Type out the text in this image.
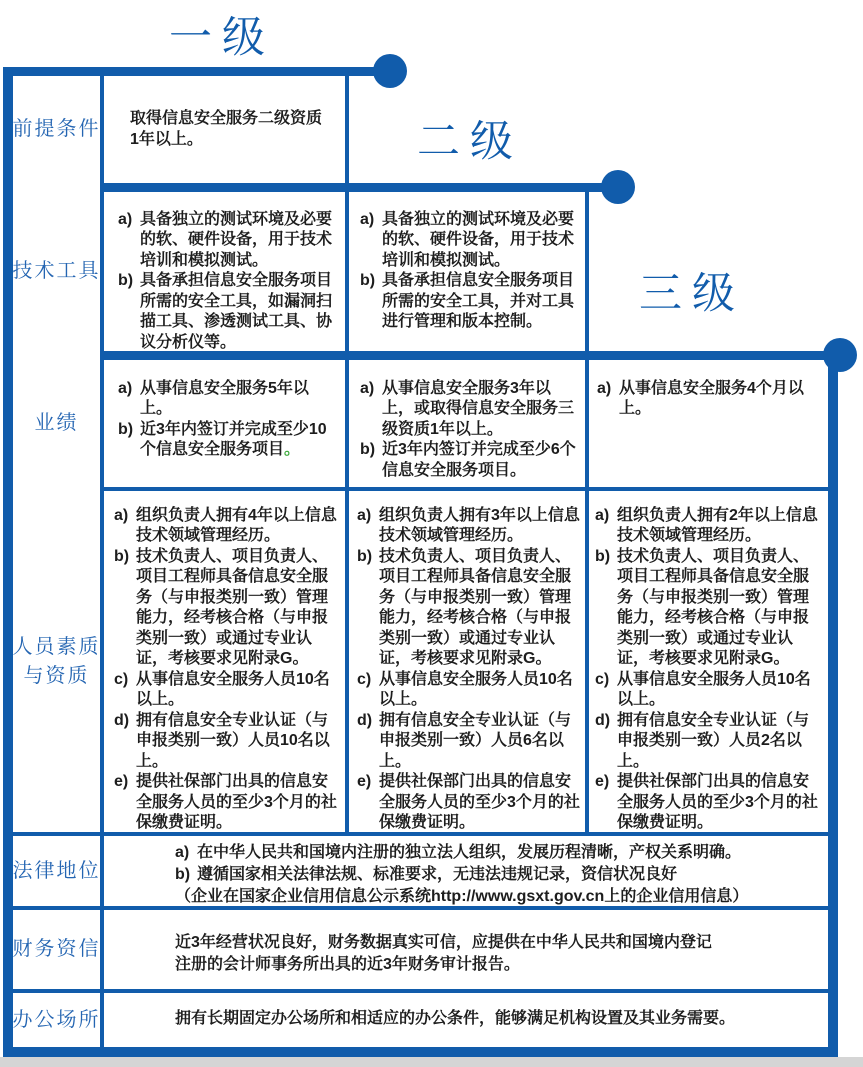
一级
二级
三级
前提条件
技术工具
业绩
人员素质
与资质
法律地位
财务资信
办公场所
取得信息安全服务二级资质1年以上。
a) 具备独立的测试环境及必要的软、硬件设备，用于技术培训和模拟测试。
b) 具备承担信息安全服务项目所需的安全工具，如漏洞扫描工具、渗透测试工具、协议分析仪等。
a) 具备独立的测试环境及必要的软、硬件设备，用于技术培训和模拟测试。
b) 具备承担信息安全服务项目所需的安全工具，并对工具进行管理和版本控制。
a) 从事信息安全服务5年以上。
b) 近3年内签订并完成至少10个信息安全服务项目。
a) 从事信息安全服务3年以上，或取得信息安全服务三级资质1年以上。
b) 近3年内签订并完成至少6个信息安全服务项目。
a) 从事信息安全服务4个月以上。
a) 组织负责人拥有4年以上信息技术领域管理经历。
b) 技术负责人、项目负责人、项目工程师具备信息安全服务（与申报类别一致）管理能力，经考核合格（与申报类别一致）或通过专业认证，考核要求见附录G。
c) 从事信息安全服务人员10名以上。
d) 拥有信息安全专业认证（与申报类别一致）人员10名以上。
e) 提供社保部门出具的信息安全服务人员的至少3个月的社保缴费证明。
a) 组织负责人拥有3年以上信息技术领域管理经历。
b) 技术负责人、项目负责人、项目工程师具备信息安全服务（与申报类别一致）管理能力，经考核合格（与申报类别一致）或通过专业认证，考核要求见附录G。
c) 从事信息安全服务人员10名以上。
d) 拥有信息安全专业认证（与申报类别一致）人员6名以上。
e) 提供社保部门出具的信息安全服务人员的至少3个月的社保缴费证明。
a) 组织负责人拥有2年以上信息技术领域管理经历。
b) 技术负责人、项目负责人、项目工程师具备信息安全服务（与申报类别一致）管理能力，经考核合格（与申报类别一致）或通过专业认证，考核要求见附录G。
c) 从事信息安全服务人员10名以上。
d) 拥有信息安全专业认证（与申报类别一致）人员2名以上。
e) 提供社保部门出具的信息安全服务人员的至少3个月的社保缴费证明。
a) 在中华人民共和国境内注册的独立法人组织，发展历程清晰，产权关系明确。
b) 遵循国家相关法律法规、标准要求，无违法违规记录，资信状况良好
（企业在国家企业信用信息公示系统http://www.gsxt.gov.cn上的企业信用信息）
近3年经营状况良好，财务数据真实可信，应提供在中华人民共和国境内登记注册的会计师事务所出具的近3年财务审计报告。
拥有长期固定办公场所和相适应的办公条件，能够满足机构设置及其业务需要。
